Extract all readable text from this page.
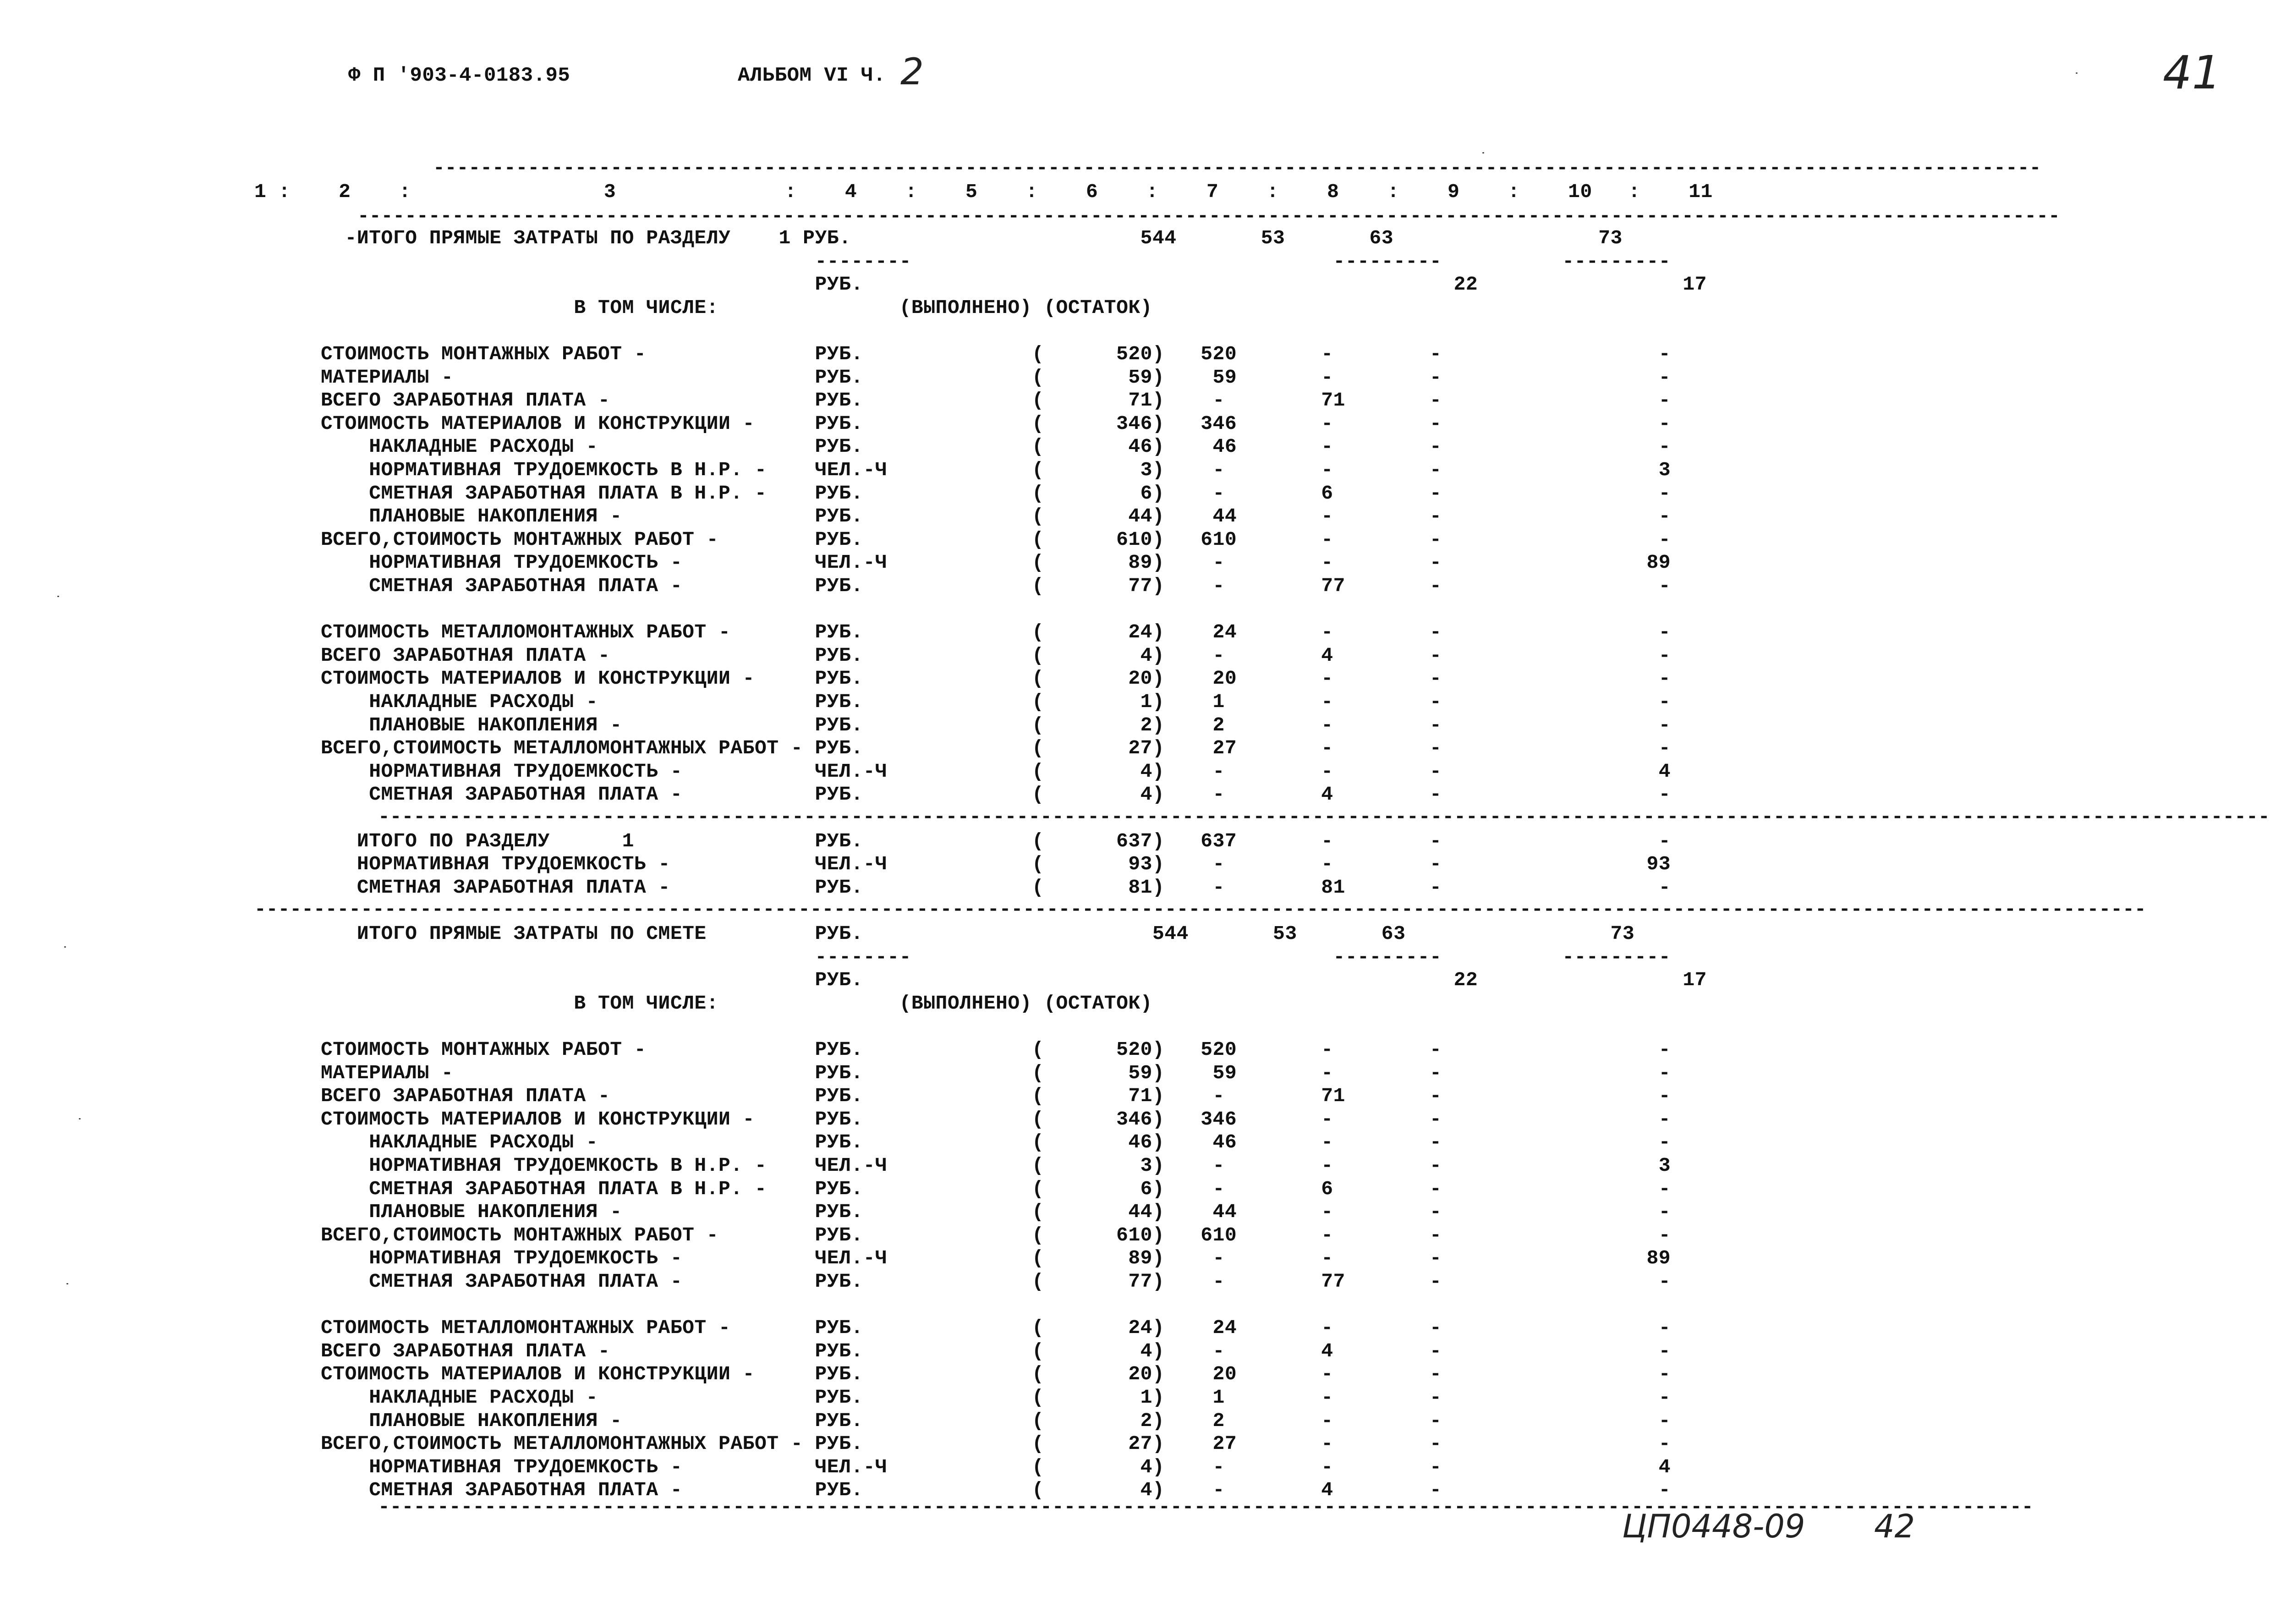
Ф П '903-4-0183.95	АЛЬБОМ VI Ч. 2	41
----------------------------------------------------------------------------------------------------------------------------------------
1 :    2    :                3              :    4    :    5    :    6    :    7    :    8    :    9    :    10   :    11
------------------------------------------------------------------------------------------------------------------------------------------------
-ИТОГО ПРЯМЫЕ ЗАТРАТЫ ПО РАЗДЕЛУ    1 РУБ.                        544       53       63                 73
--------                                   ---------          ---------
РУБ.                                                 22                 17
В ТОМ ЧИСЛЕ:               (ВЫПОЛНЕНО) (ОСТАТОК)
СТОИМОСТЬ МОНТАЖНЫХ РАБОТ -              РУБ.              (      520)   520       -        -                  -
МАТЕРИАЛЫ -                              РУБ.              (       59)    59       -        -                  -
ВСЕГО ЗАРАБОТНАЯ ПЛАТА -                 РУБ.              (       71)    -        71       -                  -
СТОИМОСТЬ МАТЕРИАЛОВ И КОНСТРУКЦИИ -     РУБ.              (      346)   346       -        -                  -
НАКЛАДНЫЕ РАСХОДЫ -                  РУБ.              (       46)    46       -        -                  -
НОРМАТИВНАЯ ТРУДОЕМКОСТЬ В Н.Р. -    ЧЕЛ.-Ч            (        3)    -        -        -                  3
СМЕТНАЯ ЗАРАБОТНАЯ ПЛАТА В Н.Р. -    РУБ.              (        6)    -        6        -                  -
ПЛАНОВЫЕ НАКОПЛЕНИЯ -                РУБ.              (       44)    44       -        -                  -
ВСЕГО,СТОИМОСТЬ МОНТАЖНЫХ РАБОТ -        РУБ.              (      610)   610       -        -                  -
НОРМАТИВНАЯ ТРУДОЕМКОСТЬ -           ЧЕЛ.-Ч            (       89)    -        -        -                 89
СМЕТНАЯ ЗАРАБОТНАЯ ПЛАТА -           РУБ.              (       77)    -        77       -                  -
СТОИМОСТЬ МЕТАЛЛОМОНТАЖНЫХ РАБОТ -       РУБ.              (       24)    24       -        -                  -
ВСЕГО ЗАРАБОТНАЯ ПЛАТА -                 РУБ.              (        4)    -        4        -                  -
СТОИМОСТЬ МАТЕРИАЛОВ И КОНСТРУКЦИИ -     РУБ.              (       20)    20       -        -                  -
НАКЛАДНЫЕ РАСХОДЫ -                  РУБ.              (        1)    1        -        -                  -
ПЛАНОВЫЕ НАКОПЛЕНИЯ -                РУБ.              (        2)    2        -        -                  -
ВСЕГО,СТОИМОСТЬ МЕТАЛЛОМОНТАЖНЫХ РАБОТ - РУБ.              (       27)    27       -        -                  -
НОРМАТИВНАЯ ТРУДОЕМКОСТЬ -           ЧЕЛ.-Ч            (        4)    -        -        -                  4
СМЕТНАЯ ЗАРАБОТНАЯ ПЛАТА -           РУБ.              (        4)    -        4        -                  -
----------------------------------------------------------------------------------------------------------------------------------------------------------------
ИТОГО ПО РАЗДЕЛУ      1               РУБ.              (      637)   637       -        -                  -
НОРМАТИВНАЯ ТРУДОЕМКОСТЬ -            ЧЕЛ.-Ч            (       93)    -        -        -                 93
СМЕТНАЯ ЗАРАБОТНАЯ ПЛАТА -            РУБ.              (       81)    -        81       -                  -
----------------------------------------------------------------------------------------------------------------------------------------------------------------
ИТОГО ПРЯМЫЕ ЗАТРАТЫ ПО СМЕТЕ         РУБ.                        544       53       63                 73
--------                                   ---------          ---------
РУБ.                                                 22                 17
В ТОМ ЧИСЛЕ:               (ВЫПОЛНЕНО) (ОСТАТОК)
СТОИМОСТЬ МОНТАЖНЫХ РАБОТ -              РУБ.              (      520)   520       -        -                  -
МАТЕРИАЛЫ -                              РУБ.              (       59)    59       -        -                  -
ВСЕГО ЗАРАБОТНАЯ ПЛАТА -                 РУБ.              (       71)    -        71       -                  -
СТОИМОСТЬ МАТЕРИАЛОВ И КОНСТРУКЦИИ -     РУБ.              (      346)   346       -        -                  -
НАКЛАДНЫЕ РАСХОДЫ -                  РУБ.              (       46)    46       -        -                  -
НОРМАТИВНАЯ ТРУДОЕМКОСТЬ В Н.Р. -    ЧЕЛ.-Ч            (        3)    -        -        -                  3
СМЕТНАЯ ЗАРАБОТНАЯ ПЛАТА В Н.Р. -    РУБ.              (        6)    -        6        -                  -
ПЛАНОВЫЕ НАКОПЛЕНИЯ -                РУБ.              (       44)    44       -        -                  -
ВСЕГО,СТОИМОСТЬ МОНТАЖНЫХ РАБОТ -        РУБ.              (      610)   610       -        -                  -
НОРМАТИВНАЯ ТРУДОЕМКОСТЬ -           ЧЕЛ.-Ч            (       89)    -        -        -                 89
СМЕТНАЯ ЗАРАБОТНАЯ ПЛАТА -           РУБ.              (       77)    -        77       -                  -
СТОИМОСТЬ МЕТАЛЛОМОНТАЖНЫХ РАБОТ -       РУБ.              (       24)    24       -        -                  -
ВСЕГО ЗАРАБОТНАЯ ПЛАТА -                 РУБ.              (        4)    -        4        -                  -
СТОИМОСТЬ МАТЕРИАЛОВ И КОНСТРУКЦИИ -     РУБ.              (       20)    20       -        -                  -
НАКЛАДНЫЕ РАСХОДЫ -                  РУБ.              (        1)    1        -        -                  -
ПЛАНОВЫЕ НАКОПЛЕНИЯ -                РУБ.              (        2)    2        -        -                  -
ВСЕГО,СТОИМОСТЬ МЕТАЛЛОМОНТАЖНЫХ РАБОТ - РУБ.              (       27)    27       -        -                  -
НОРМАТИВНАЯ ТРУДОЕМКОСТЬ -           ЧЕЛ.-Ч            (        4)    -        -        -                  4
СМЕТНАЯ ЗАРАБОТНАЯ ПЛАТА -           РУБ.              (        4)    -        4        -                  -
--------------------------------------------------------------------------------------------------------------------------------------------
ЦП0448-09 42
